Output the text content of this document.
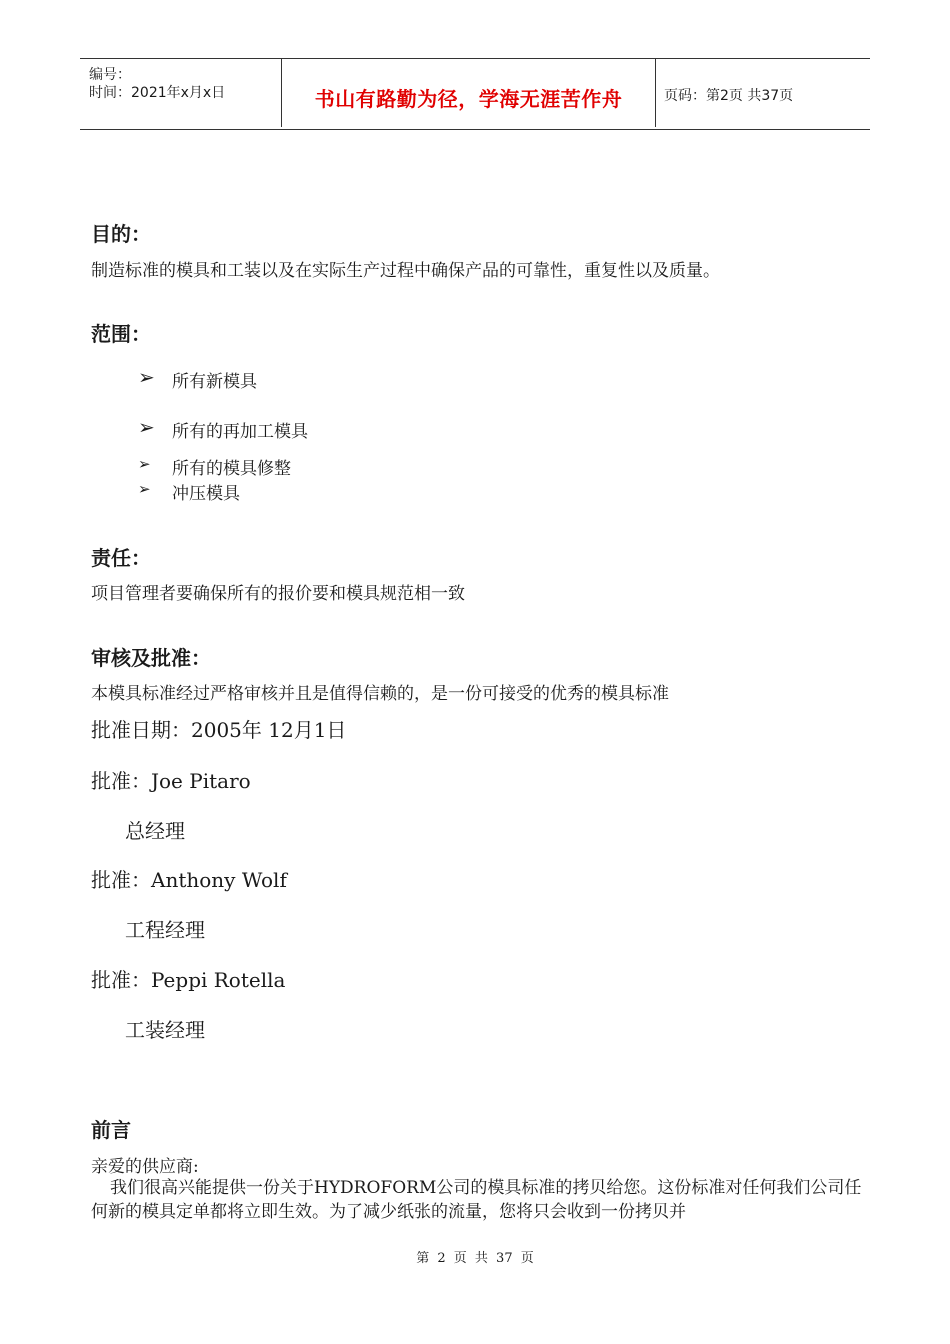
编号：
时间：2021年x月x日	书山有路勤为径，学海无涯苦作舟	页码：第2页 共37页
目的：
制造标准的模具和工装以及在实际生产过程中确保产品的可靠性，重复性以及质量。
范围：
➢ 所有新模具
➢ 所有的再加工模具
➢ 所有的模具修整
➢ 冲压模具
责任：
项目管理者要确保所有的报价要和模具规范相一致
审核及批准：
本模具标准经过严格审核并且是值得信赖的，是一份可接受的优秀的模具标准
批准日期：2005年 12月1日
批准：Joe Pitaro
总经理
批准：Anthony Wolf
工程经理
批准：Peppi Rotella
工装经理
前言
亲爱的供应商:
我们很高兴能提供一份关于HYDROFORM公司的模具标准的拷贝给您。这份标准对任何我们公司任何新的模具定单都将立即生效。为了减少纸张的流量，您将只会收到一份拷贝并
第 2 页 共 37 页
